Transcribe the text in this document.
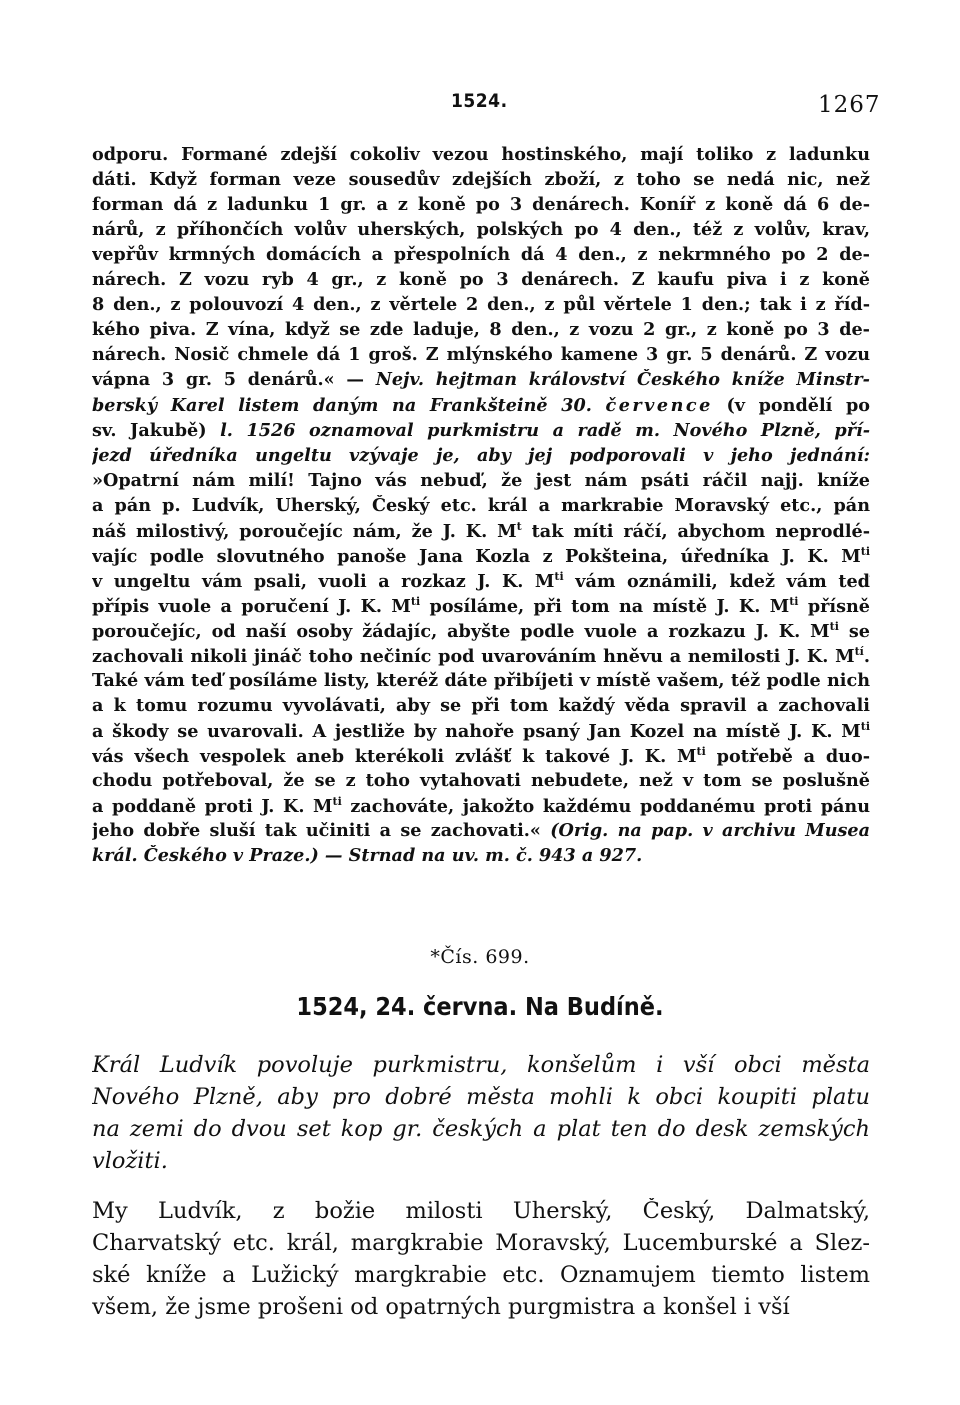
1524.	1267
odporu. Formané zdejší cokoliv vezou hostinského, mají toliko z ladunku
dáti. Když forman veze sousedův zdejších zboží, z toho se nedá nic, než
forman dá z ladunku 1 gr. a z koně po 3 denárech. Koníř z koně dá 6 de-
nárů, z příhončích volův uherských, polských po 4 den., též z volův, krav,
vepřův krmných domácích a přespolních dá 4 den., z nekrmného po 2 de-
nárech. Z vozu ryb 4 gr., z koně po 3 denárech. Z kaufu piva i z koně
8 den., z polouvozí 4 den., z věrtele 2 den., z půl věrtele 1 den.; tak i z říd-
kého piva. Z vína, když se zde laduje, 8 den., z vozu 2 gr., z koně po 3 de-
nárech. Nosič chmele dá 1 groš. Z mlýnského kamene 3 gr. 5 denárů. Z vozu
vápna 3 gr. 5 denárů.« — Nejv. hejtman království Českého kníže Minstr-
berský Karel listem daným na Frankšteině 30. července (v pondělí po
sv. Jakubě) l. 1526 oznamoval purkmistru a radě m. Nového Plzně, pří-
jezd úředníka ungeltu vzývaje je, aby jej podporovali v jeho jednání:
»Opatrní nám milí! Tajno vás nebuď, že jest nám psáti ráčil najj. kníže
a pán p. Ludvík, Uherský, Český etc. král a markrabie Moravský etc., pán
náš milostivý, poroučejíc nám, že J. K. $M^t$ tak míti ráčí, abychom neprodlé-
vajíc podle slovutného panoše Jana Kozla z Pokšteina, úředníka J. K. $M^{ti}$
v ungeltu vám psali, vuoli a rozkaz J. K. $M^{ti}$ vám oznámili, kdež vám teď
přípis vuole a poručení J. K. $M^{ti}$ posíláme, při tom na místě J. K. $M^{ti}$ přísně
poroučejíc, od naší osoby žádajíc, abyšte podle vuole a rozkazu J. K. $M^{ti}$ se
zachovali nikoli jináč toho nečiníc pod uvarováním hněvu a nemilosti J. K. $M^{tí}$.
Také vám teď posíláme listy, kteréž dáte přibíjeti v místě vašem, též podle nich
a k tomu rozumu vyvolávati, aby se při tom každý věda spravil a zachovali
a škody se uvarovali. A jestliže by nahoře psaný Jan Kozel na místě J. K. $M^{ti}$
vás všech vespolek aneb kterékoli zvlášť k takové J. K. $M^{ti}$ potřebě a duo-
chodu potřeboval, že se z toho vytahovati nebudete, než v tom se poslušně
a poddaně proti J. K. $M^{ti}$ zachováte, jakožto každému poddanému proti pánu
jeho dobře sluší tak učiniti a se zachovati.« (Orig. na pap. v archivu Musea
král. Českého v Praze.) — Strnad na uv. m. č. 943 a 927.
*Čís. 699.
1524, 24. června. Na Budíně.
Král Ludvík povoluje purkmistru, konšelům i vší obci města
Nového Plzně, aby pro dobré města mohli k obci koupiti platu
na zemi do dvou set kop gr. českých a plat ten do desk zemských
vložiti.
My Ludvík, z božie milosti Uherský, Český, Dalmatský,
Charvatský etc. král, margkrabie Moravský, Lucemburské a Slez-
ské kníže a Lužický margkrabie etc. Oznamujem tiemto listem
všem, že jsme prošeni od opatrných purgmistra a konšel i vší
